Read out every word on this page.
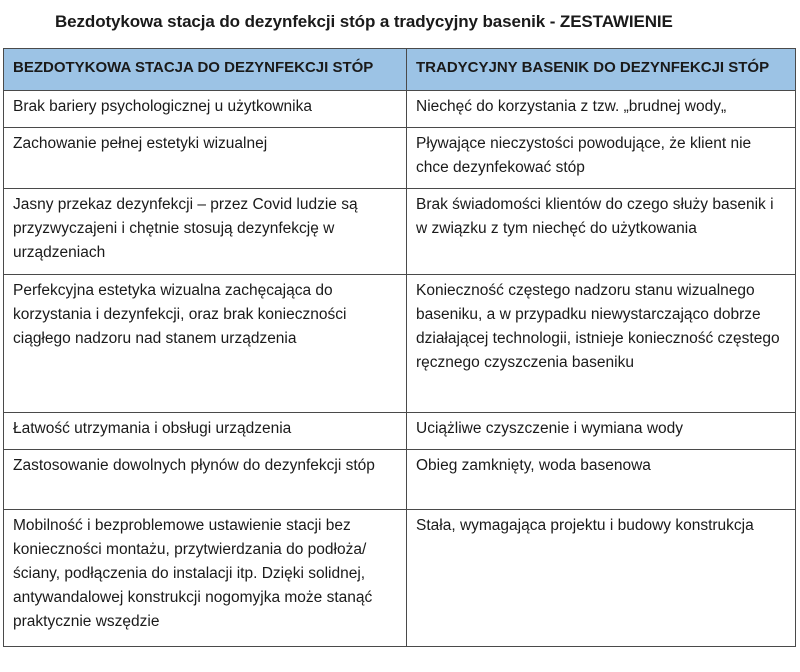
Bezdotykowa stacja do dezynfekcji stóp a tradycyjny basenik - ZESTAWIENIE
BEZDOTYKOWA STACJA DO DEZYNFEKCJI STÓP	TRADYCYJNY BASENIK DO DEZYNFEKCJI STÓP
Brak bariery psychologicznej u użytkownika	Niechęć do korzystania z tzw. „brudnej wody„
Zachowanie pełnej estetyki wizualnej	Pływające nieczystości powodujące, że klient nie chce dezynfekować stóp
Jasny przekaz dezynfekcji – przez Covid ludzie są przyzwyczajeni i chętnie stosują dezynfekcję w urządzeniach	Brak świadomości klientów do czego służy basenik i w związku z tym niechęć do użytkowania
Perfekcyjna estetyka wizualna zachęcająca do korzystania i dezynfekcji, oraz brak konieczności ciągłego nadzoru nad stanem urządzenia	Konieczność częstego nadzoru stanu wizualnego baseniku, a w przypadku niewystarczająco dobrze działającej technologii, istnieje konieczność częstego ręcznego czyszczenia baseniku
Łatwość utrzymania i obsługi urządzenia	Uciążliwe czyszczenie i wymiana wody
Zastosowanie dowolnych płynów do dezynfekcji stóp	Obieg zamknięty, woda basenowa
Mobilność i bezproblemowe ustawienie stacji bez konieczności montażu, przytwierdzania do podłoża/ściany, podłączenia do instalacji itp. Dzięki solidnej, antywandalowej konstrukcji nogomyjka może stanąć praktycznie wszędzie	Stała, wymagająca projektu i budowy konstrukcja
